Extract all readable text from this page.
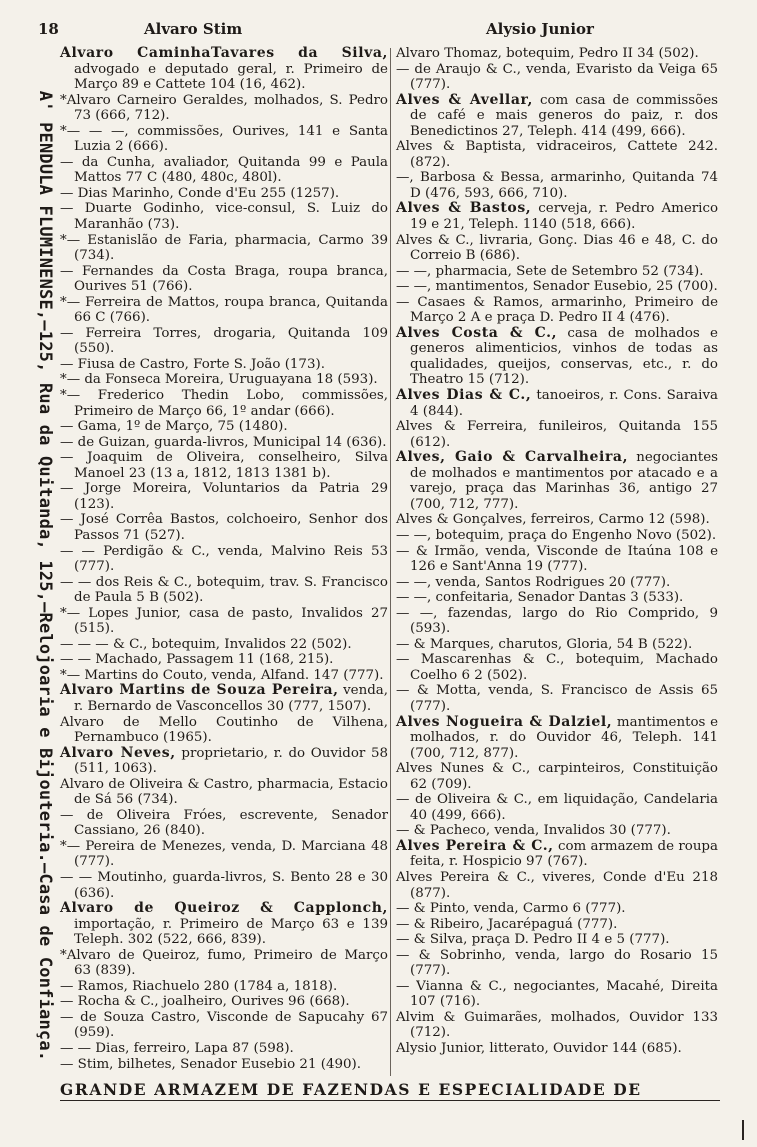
18	Alvaro Stim	Alysio Junior
A' PENDULA FLUMINENSE,—125, Rua da Quitanda, 125,—Relojoaria e Bijouteria.—Casa de Confiança.

Alvaro CaminhaTavares da Silva, advogado e deputado geral, r. Primeiro de Março 89 e Cattete 104 (16, 462).

*Alvaro Carneiro Geraldes, molhados, S. Pedro 73 (666, 712).

*— — —, commissões, Ourives, 141 e Santa Luzia 2 (666).

— da Cunha, avaliador, Quitanda 99 e Paula Mattos 77 C (480, 480c, 480l).

— Dias Marinho, Conde d'Eu 255 (1257).

— Duarte Godinho, vice-consul, S. Luiz do Maranhão (73).

*— Estanislão de Faria, pharmacia, Carmo 39 (734).

— Fernandes da Costa Braga, roupa branca, Ourives 51 (766).

*— Ferreira de Mattos, roupa branca, Quitanda 66 C (766).

— Ferreira Torres, drogaria, Quitanda 109 (550).

— Fiusa de Castro, Forte S. João (173).

*— da Fonseca Moreira, Uruguayana 18 (593).

*— Frederico Thedin Lobo, commissões, Primeiro de Março 66, 1º andar (666).

— Gama, 1º de Março, 75 (1480).

— de Guizan, guarda-livros, Municipal 14 (636).

— Joaquim de Oliveira, conselheiro, Silva Manoel 23 (13 a, 1812, 1813 1381 b).

— Jorge Moreira, Voluntarios da Patria 29 (123).

— José Corrêa Bastos, colchoeiro, Senhor dos Passos 71 (527).

— — Perdigão & C., venda, Malvino Reis 53 (777).

— — dos Reis & C., botequim, trav. S. Francisco de Paula 5 B (502).

*— Lopes Junior, casa de pasto, Invalidos 27 (515).

— — — & C., botequim, Invalidos 22 (502).

— — Machado, Passagem 11 (168, 215).

*— Martins do Couto, venda, Alfand. 147 (777).

Alvaro Martins de Souza Pereira, venda, r. Bernardo de Vasconcellos 30 (777, 1507).

Alvaro de Mello Coutinho de Vilhena, Pernambuco (1965).

Alvaro Neves, proprietario, r. do Ouvidor 58 (511, 1063).

Alvaro de Oliveira & Castro, pharmacia, Estacio de Sá 56 (734).

— de Oliveira Fróes, escrevente, Senador Cassiano, 26 (840).

*— Pereira de Menezes, venda, D. Marciana 48 (777).

— — Moutinho, guarda-livros, S. Bento 28 e 30 (636).

Alvaro de Queiroz & Capplonch, importação, r. Primeiro de Março 63 e 139 Teleph. 302 (522, 666, 839).

*Alvaro de Queiroz, fumo, Primeiro de Março 63 (839).

— Ramos, Riachuelo 280 (1784 a, 1818).

— Rocha & C., joalheiro, Ourives 96 (668).

— de Souza Castro, Visconde de Sapucahy 67 (959).

— — Dias, ferreiro, Lapa 87 (598).

— Stim, bilhetes, Senador Eusebio 21 (490).

Alvaro Thomaz, botequim, Pedro II 34 (502).

— de Araujo & C., venda, Evaristo da Veiga 65 (777).

Alves & Avellar, com casa de commissões de café e mais generos do paiz, r. dos Benedictinos 27, Teleph. 414 (499, 666).

Alves & Baptista, vidraceiros, Cattete 242. (872).

—, Barbosa & Bessa, armarinho, Quitanda 74 D (476, 593, 666, 710).

Alves & Bastos, cerveja, r. Pedro Americo 19 e 21, Teleph. 1140 (518, 666).

Alves & C., livraria, Gonç. Dias 46 e 48, C. do Correio B (686).

— —, pharmacia, Sete de Setembro 52 (734).

— —, mantimentos, Senador Eusebio, 25 (700).

— Casaes & Ramos, armarinho, Primeiro de Março 2 A e praça D. Pedro II 4 (476).

Alves Costa & C., casa de molhados e generos alimenticios, vinhos de todas as qualidades, queijos, conservas, etc., r. do Theatro 15 (712).

Alves Dias & C., tanoeiros, r. Cons. Saraiva 4 (844).

Alves & Ferreira, funileiros, Quitanda 155 (612).

Alves, Gaio & Carvalheira, negociantes de molhados e mantimentos por atacado e a varejo, praça das Marinhas 36, antigo 27 (700, 712, 777).

Alves & Gonçalves, ferreiros, Carmo 12 (598).

— —, botequim, praça do Engenho Novo (502).

— & Irmão, venda, Visconde de Itaúna 108 e 126 e Sant'Anna 19 (777).

— —, venda, Santos Rodrigues 20 (777).

— —, confeitaria, Senador Dantas 3 (533).

— —, fazendas, largo do Rio Comprido, 9 (593).

— & Marques, charutos, Gloria, 54 B (522).

— Mascarenhas & C., botequim, Machado Coelho 6 2 (502).

— & Motta, venda, S. Francisco de Assis 65 (777).

Alves Nogueira & Dalziel, mantimentos e molhados, r. do Ouvidor 46, Teleph. 141 (700, 712, 877).

Alves Nunes & C., carpinteiros, Constituição 62 (709).

— de Oliveira & C., em liquidação, Candelaria 40 (499, 666).

— & Pacheco, venda, Invalidos 30 (777).

Alves Pereira & C., com armazem de roupa feita, r. Hospicio 97 (767).

Alves Pereira & C., viveres, Conde d'Eu 218 (877).

— & Pinto, venda, Carmo 6 (777).

— & Ribeiro, Jacarépaguá (777).

— & Silva, praça D. Pedro II 4 e 5 (777).

— & Sobrinho, venda, largo do Rosario 15 (777).

— Vianna & C., negociantes, Macahé, Direita 107 (716).

Alvim & Guimarães, molhados, Ouvidor 133 (712).

Alysio Junior, litterato, Ouvidor 144 (685).

GRANDE ARMAZEM DE FAZENDAS E ESPECIALIDADE DE
